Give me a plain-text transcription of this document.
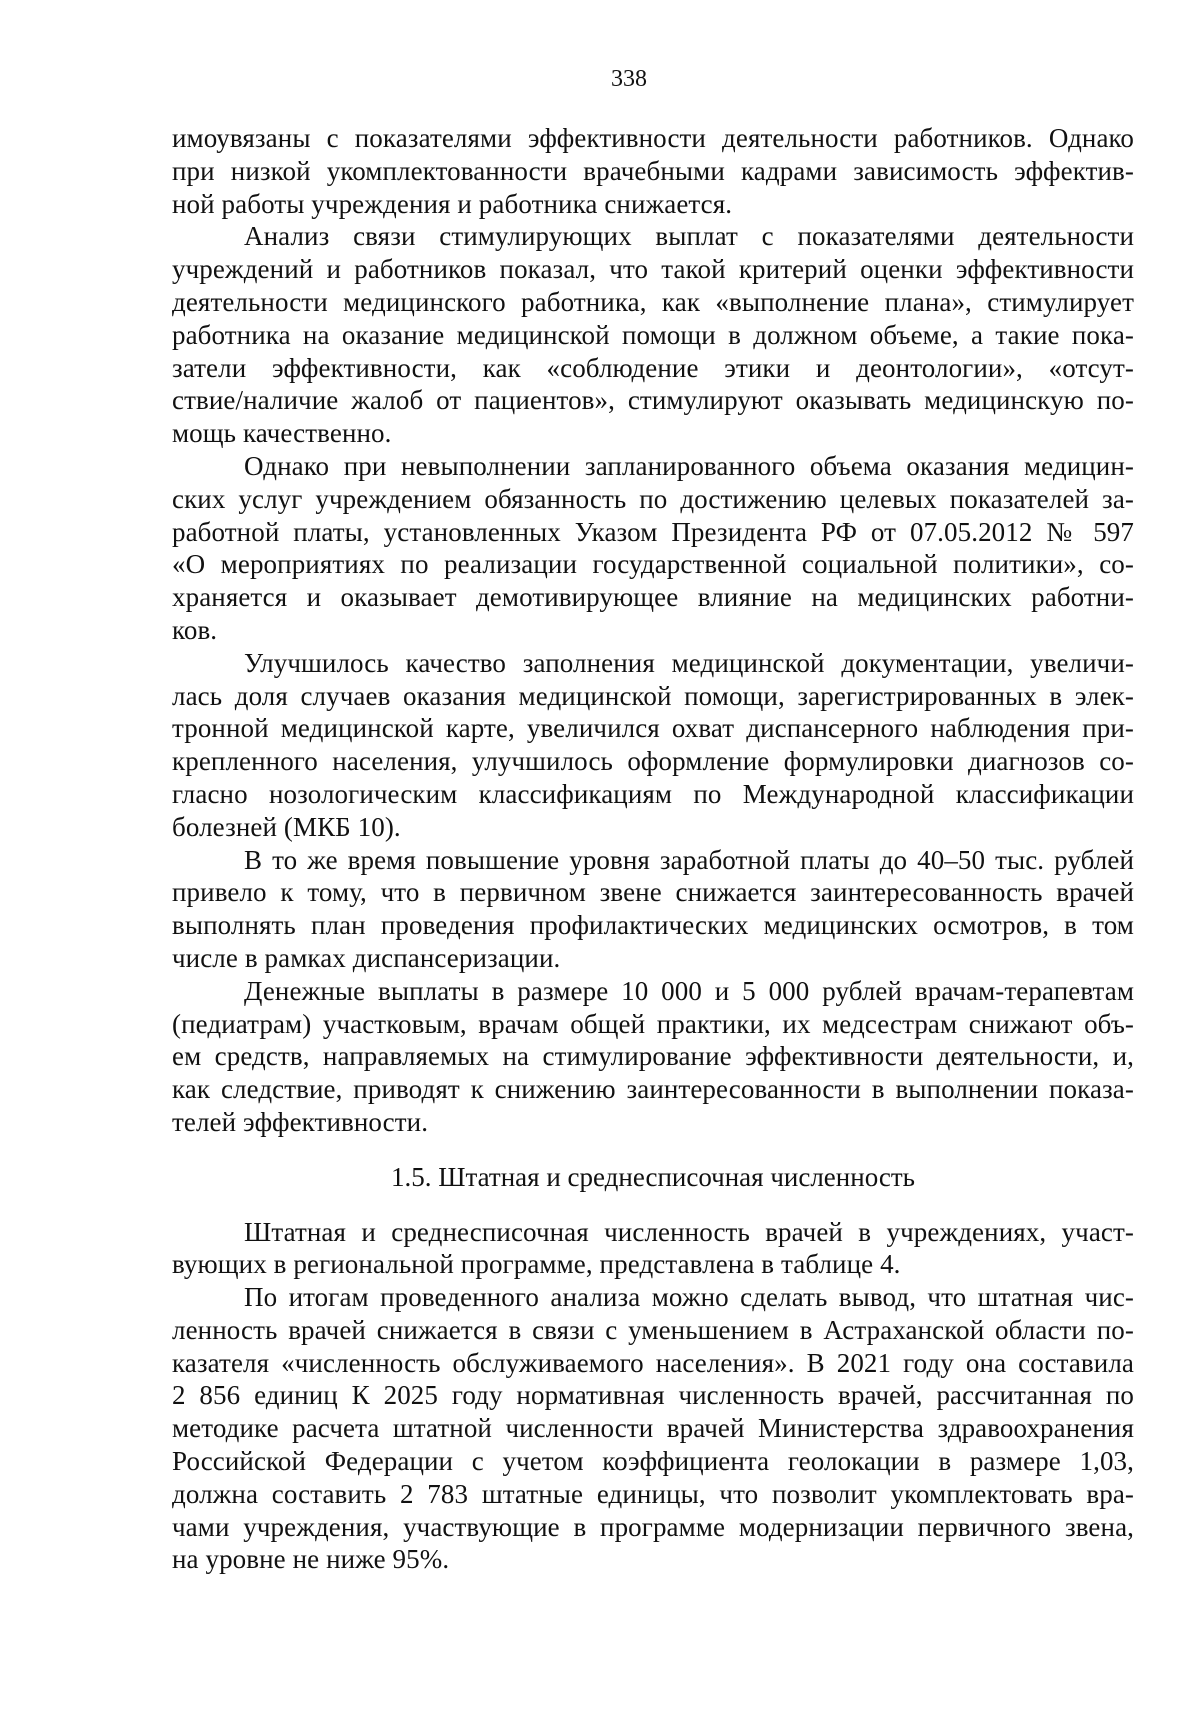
338
имоувязаны с показателями эффективности деятельности работников. Однако
при низкой укомплектованности врачебными кадрами зависимость эффектив-
ной работы учреждения и работника снижается.
Анализ связи стимулирующих выплат с показателями деятельности
учреждений и работников показал, что такой критерий оценки эффективности
деятельности медицинского работника, как «выполнение плана», стимулирует
работника на оказание медицинской помощи в должном объеме, а такие пока-
затели эффективности, как «соблюдение этики и деонтологии», «отсут-
ствие/наличие жалоб от пациентов», стимулируют оказывать медицинскую по-
мощь качественно.
Однако при невыполнении запланированного объема оказания медицин-
ских услуг учреждением обязанность по достижению целевых показателей за-
работной платы, установленных Указом Президента РФ от 07.05.2012 № 597
«О мероприятиях по реализации государственной социальной политики», со-
храняется и оказывает демотивирующее влияние на медицинских работни-
ков.
Улучшилось качество заполнения медицинской документации, увеличи-
лась доля случаев оказания медицинской помощи, зарегистрированных в элек-
тронной медицинской карте, увеличился охват диспансерного наблюдения при-
крепленного населения, улучшилось оформление формулировки диагнозов со-
гласно нозологическим классификациям по Международной классификации
болезней (МКБ 10).
В то же время повышение уровня заработной платы до 40–50 тыс. рублей
привело к тому, что в первичном звене снижается заинтересованность врачей
выполнять план проведения профилактических медицинских осмотров, в том
числе в рамках диспансеризации.
Денежные выплаты в размере 10 000 и 5 000 рублей врачам-терапевтам
(педиатрам) участковым, врачам общей практики, их медсестрам снижают объ-
ем средств, направляемых на стимулирование эффективности деятельности, и,
как следствие, приводят к снижению заинтересованности в выполнении показа-
телей эффективности.
1.5. Штатная и среднесписочная численность
Штатная и среднесписочная численность врачей в учреждениях, участ-
вующих в региональной программе, представлена в таблице 4.
По итогам проведенного анализа можно сделать вывод, что штатная чис-
ленность врачей снижается в связи с уменьшением в Астраханской области по-
казателя «численность обслуживаемого населения». В 2021 году она составила
2 856 единиц К 2025 году нормативная численность врачей, рассчитанная по
методике расчета штатной численности врачей Министерства здравоохранения
Российской Федерации с учетом коэффициента геолокации в размере 1,03,
должна составить 2 783 штатные единицы, что позволит укомплектовать вра-
чами учреждения, участвующие в программе модернизации первичного звена,
на уровне не ниже 95%.
